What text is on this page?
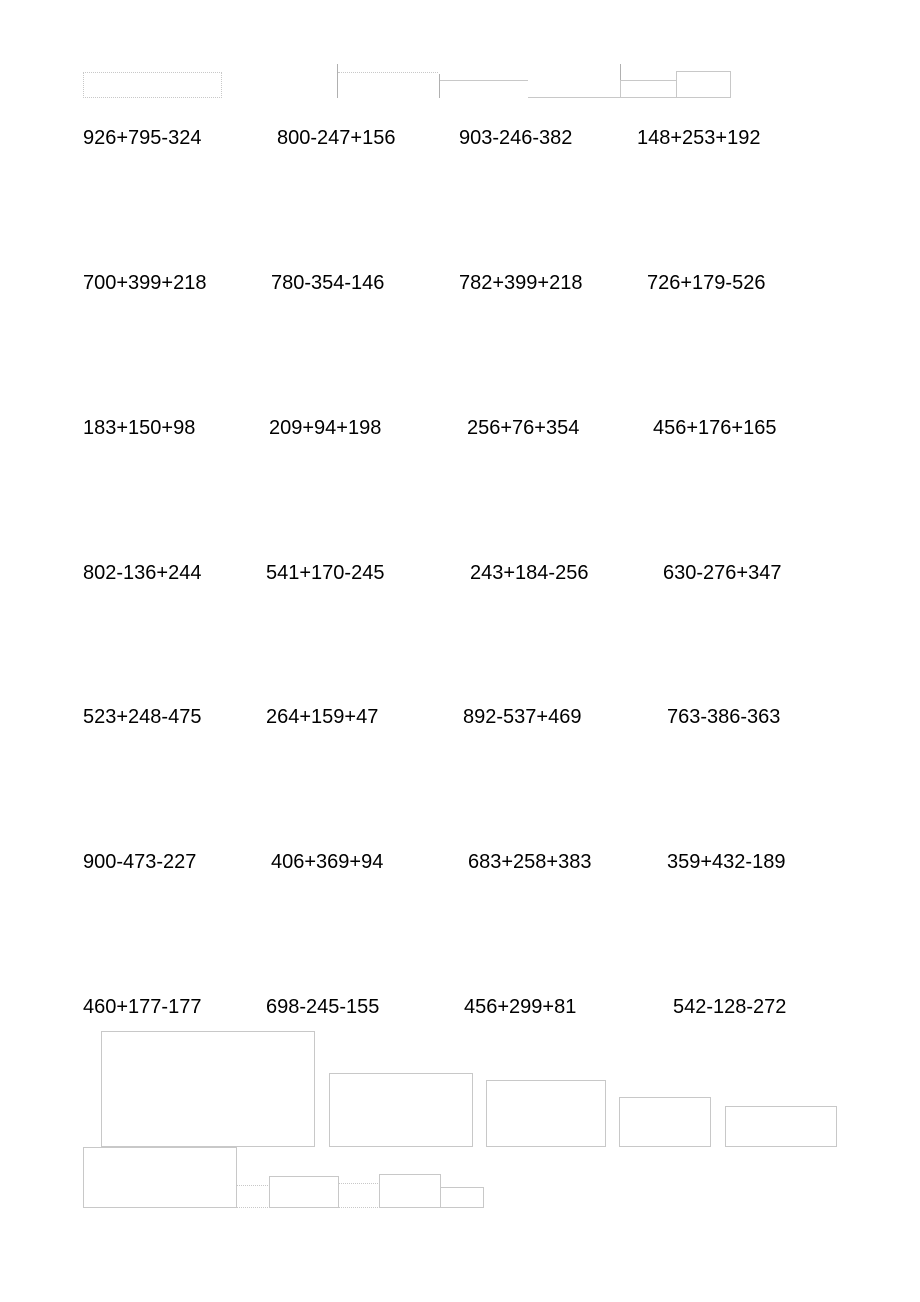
926+795-324	800-247+156	903-246-382	148+253+192
700+399+218	780-354-146	782+399+218	726+179-526
183+150+98	209+94+198	256+76+354	456+176+165
802-136+244	541+170-245	243+184-256	630-276+347
523+248-475	264+159+47	892-537+469	763-386-363
900-473-227	406+369+94	683+258+383	359+432-189
460+177-177	698-245-155	456+299+81	542-128-272
